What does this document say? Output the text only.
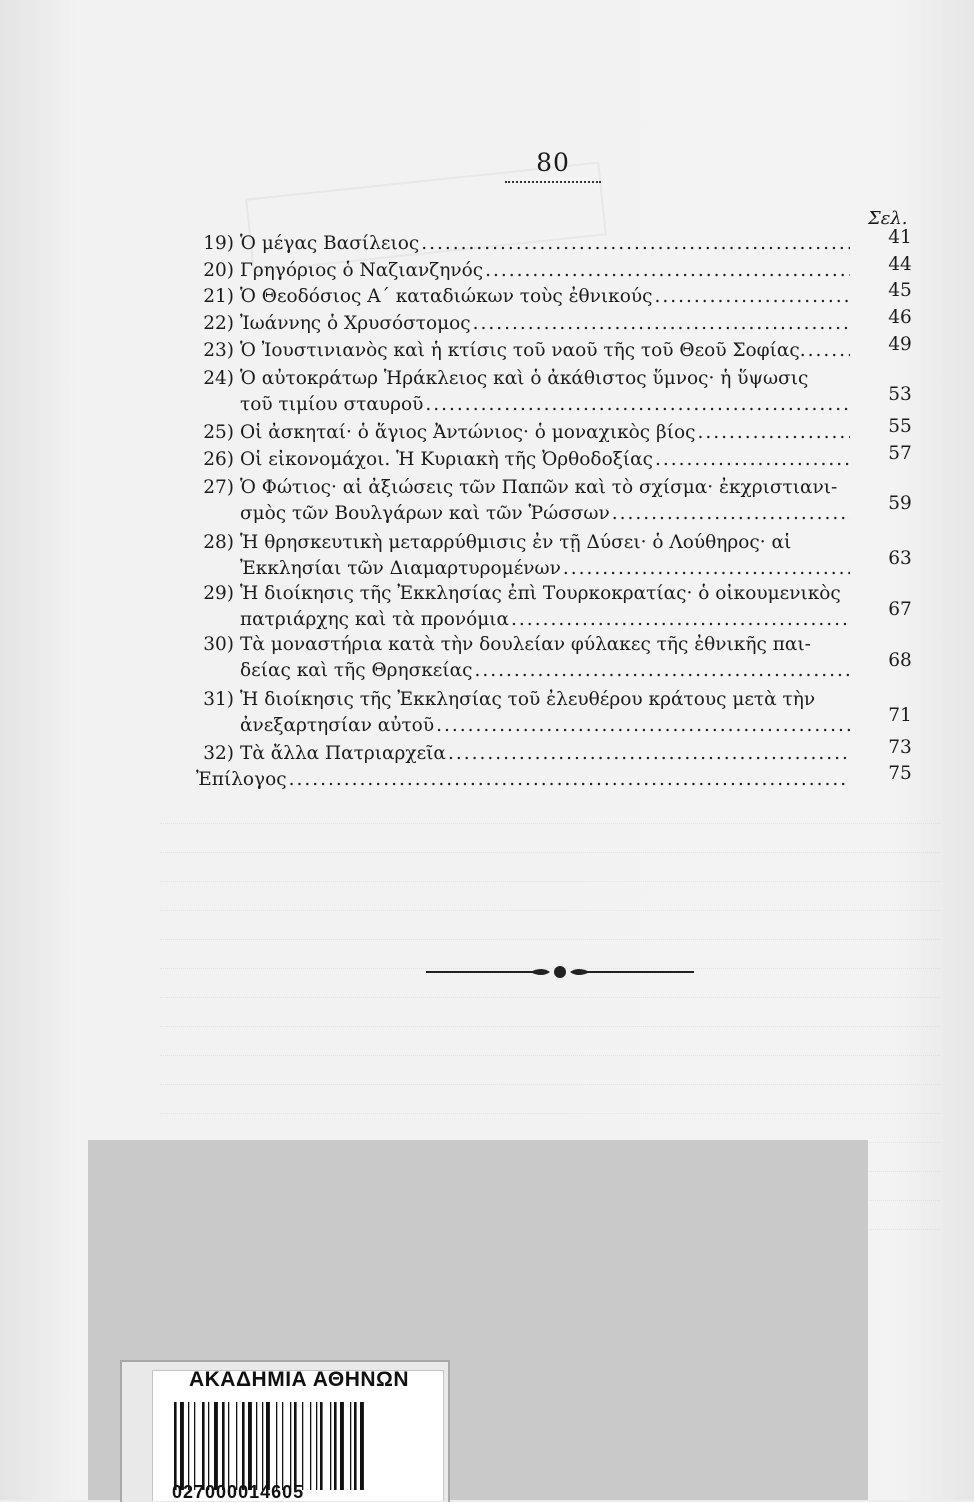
80
Σελ.
19) Ὁ μέγας Βασίλειος .....	41
20) Γρηγόριος ὁ Ναζιανζηνός .....	44
21) Ὁ Θεοδόσιος Α΄ καταδιώκων τοὺς ἐθνικούς .....	45
22) Ἰωάννης ὁ Χρυσόστομος .....	46
23) Ὁ Ἰουστινιανὸς καὶ ἡ κτίσις τοῦ ναοῦ τῆς τοῦ Θεοῦ Σοφίας. .....	49
24) Ὁ αὐτοκράτωρ Ἡράκλειος καὶ ὁ ἀκάθιστος ὕμνος· ἡ ὕψωσις
τοῦ τιμίου σταυροῦ .....	53
25) Οἱ ἀσκηταί· ὁ ἅγιος Ἀντώνιος· ὁ μοναχικὸς βίος .....	55
26) Οἱ εἰκονομάχοι. Ἡ Κυριακὴ τῆς Ὀρθοδοξίας .....	57
27) Ὁ Φώτιος· αἱ ἀξιώσεις τῶν Παπῶν καὶ τὸ σχίσμα· ἐκχριστιανι-
σμὸς τῶν Βουλγάρων καὶ τῶν Ῥώσσων .....	59
28) Ἡ θρησκευτικὴ μεταρρύθμισις ἐν τῇ Δύσει· ὁ Λούθηρος· αἱ
Ἐκκλησίαι τῶν Διαμαρτυρομένων .....	63
29) Ἡ διοίκησις τῆς Ἐκκλησίας ἐπὶ Τουρκοκρατίας· ὁ οἰκουμενικὸς
πατριάρχης καὶ τὰ προνόμια .....	67
30) Τὰ μοναστήρια κατὰ τὴν δουλείαν φύλακες τῆς ἐθνικῆς παι-
δείας καὶ τῆς Θρησκείας .....	68
31) Ἡ διοίκησις τῆς Ἐκκλησίας τοῦ ἐλευθέρου κράτους μετὰ τὴν
ἀνεξαρτησίαν αὐτοῦ .....	71
32) Τὰ ἄλλα Πατριαρχεῖα .....	73
Ἐπίλογος .....	75
ΑΚΑΔΗΜΙΑ ΑΘΗΝΩΝ
027000014605
